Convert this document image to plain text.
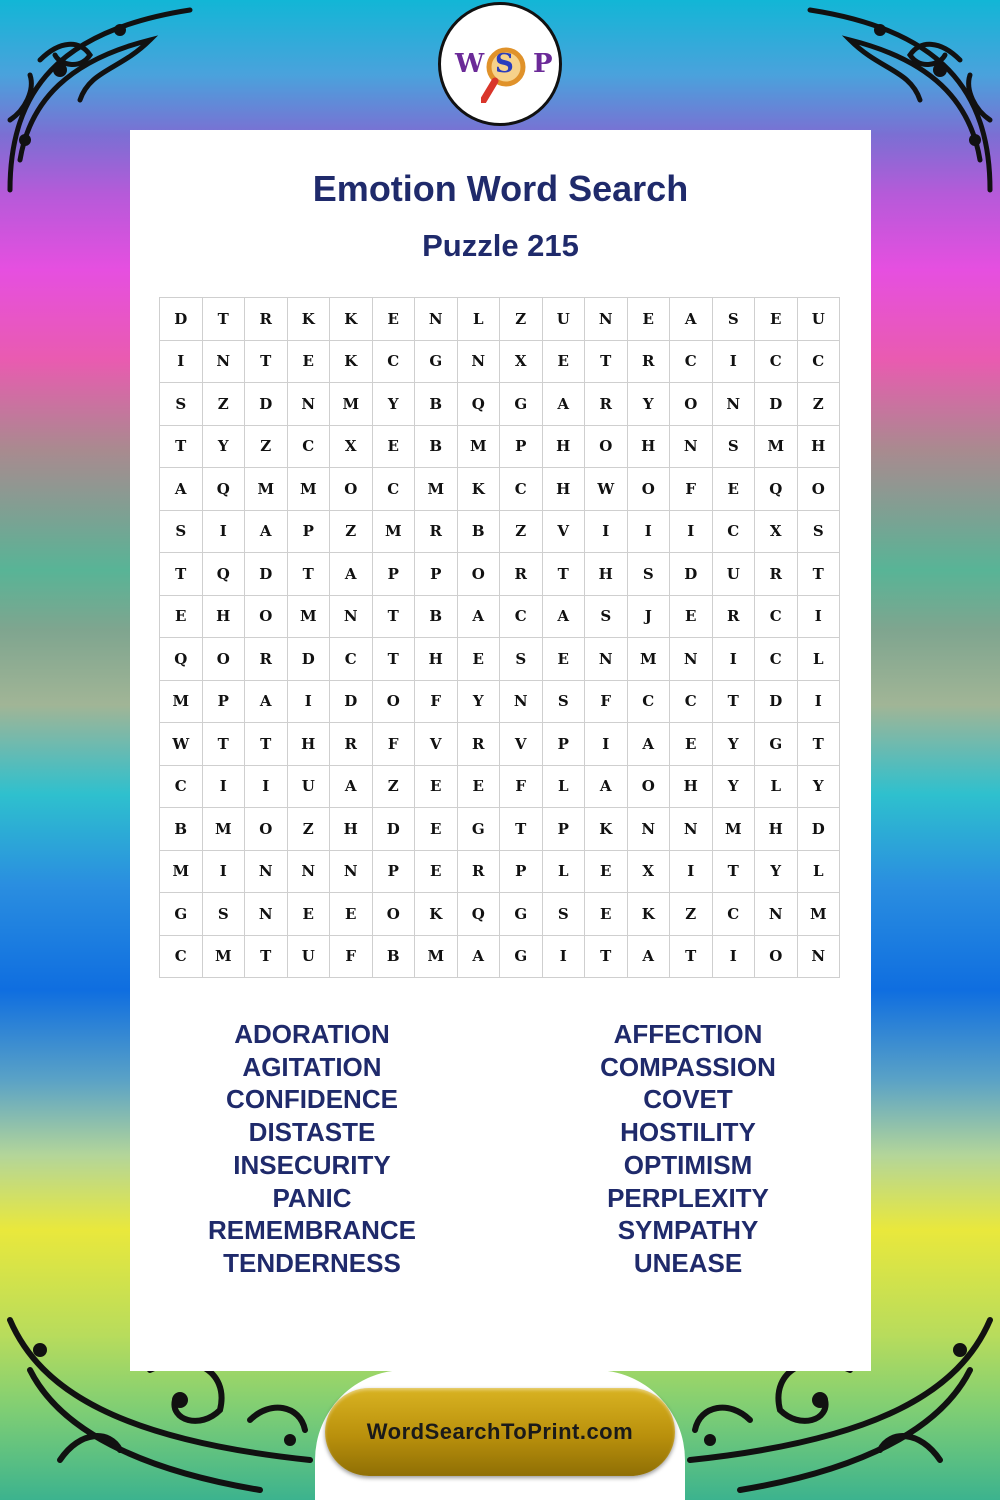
W S P
Emotion Word Search
Puzzle 215
D	T	R	K	K	E	N	L	Z	U	N	E	A	S	E	U
I	N	T	E	K	C	G	N	X	E	T	R	C	I	C	C
S	Z	D	N	M	Y	B	Q	G	A	R	Y	O	N	D	Z
T	Y	Z	C	X	E	B	M	P	H	O	H	N	S	M	H
A	Q	M	M	O	C	M	K	C	H	W	O	F	E	Q	O
S	I	A	P	Z	M	R	B	Z	V	I	I	I	C	X	S
T	Q	D	T	A	P	P	O	R	T	H	S	D	U	R	T
E	H	O	M	N	T	B	A	C	A	S	J	E	R	C	I
Q	O	R	D	C	T	H	E	S	E	N	M	N	I	C	L
M	P	A	I	D	O	F	Y	N	S	F	C	C	T	D	I
W	T	T	H	R	F	V	R	V	P	I	A	E	Y	G	T
C	I	I	U	A	Z	E	E	F	L	A	O	H	Y	L	Y
B	M	O	Z	H	D	E	G	T	P	K	N	N	M	H	D
M	I	N	N	N	P	E	R	P	L	E	X	I	T	Y	L
G	S	N	E	E	O	K	Q	G	S	E	K	Z	C	N	M
C	M	T	U	F	B	M	A	G	I	T	A	T	I	O	N
ADORATION
AGITATION
CONFIDENCE
DISTASTE
INSECURITY
PANIC
REMEMBRANCE
TENDERNESS
AFFECTION
COMPASSION
COVET
HOSTILITY
OPTIMISM
PERPLEXITY
SYMPATHY
UNEASE
WordSearchToPrint.com
